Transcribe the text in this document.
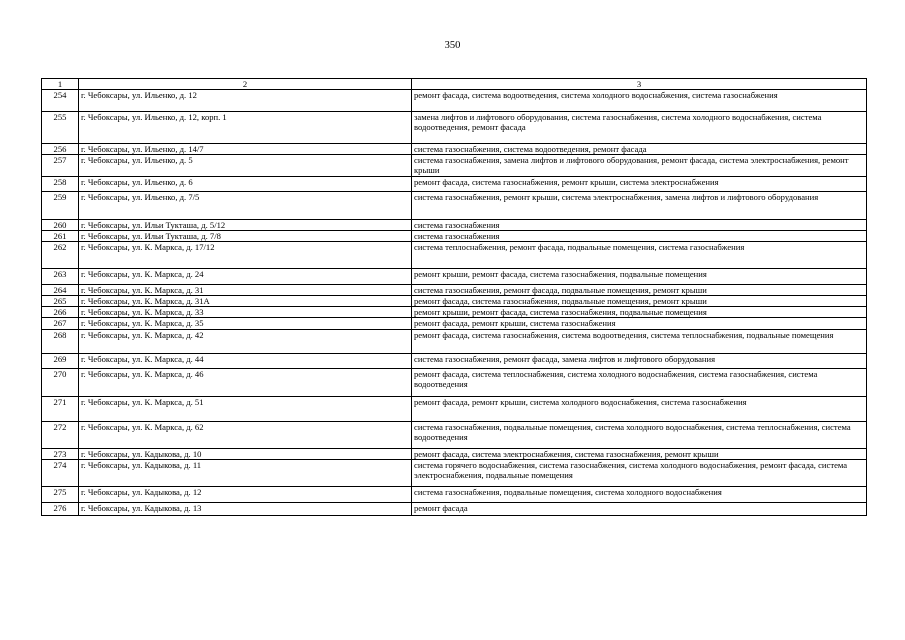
350
1	2	3
254	г. Чебоксары, ул. Ильенко, д. 12	ремонт фасада, система водоотведения, система холодного водоснабжения, система газоснабжения
255	г. Чебоксары, ул. Ильенко, д. 12, корп. 1	замена лифтов и лифтового оборудования, система газоснабжения, система холодного водоснабжения, система водоотведения, ремонт фасада
256	г. Чебоксары, ул. Ильенко, д. 14/7	система газоснабжения, система водоотведения, ремонт фасада
257	г. Чебоксары, ул. Ильенко, д. 5	система газоснабжения, замена лифтов и лифтового оборудования, ремонт фасада, система электроснабжения, ремонт крыши
258	г. Чебоксары, ул. Ильенко, д. 6	ремонт фасада, система газоснабжения, ремонт крыши, система электроснабжения
259	г. Чебоксары, ул. Ильенко, д. 7/5	система газоснабжения, ремонт крыши, система электроснабжения, замена лифтов и лифтового оборудования
260	г. Чебоксары, ул. Ильи Тукташа, д. 5/12	система газоснабжения
261	г. Чебоксары, ул. Ильи Тукташа, д. 7/8	система газоснабжения
262	г. Чебоксары, ул. К. Маркса, д. 17/12	система теплоснабжения, ремонт фасада, подвальные помещения, система газоснабжения
263	г. Чебоксары, ул. К. Маркса, д. 24	ремонт крыши, ремонт фасада, система газоснабжения, подвальные помещения
264	г. Чебоксары, ул. К. Маркса, д. 31	система газоснабжения, ремонт фасада, подвальные помещения, ремонт крыши
265	г. Чебоксары, ул. К. Маркса, д. 31А	ремонт фасада, система газоснабжения, подвальные помещения, ремонт крыши
266	г. Чебоксары, ул. К. Маркса, д. 33	ремонт крыши, ремонт фасада, система газоснабжения, подвальные помещения
267	г. Чебоксары, ул. К. Маркса, д. 35	ремонт фасада, ремонт крыши, система газоснабжения
268	г. Чебоксары, ул. К. Маркса, д. 42	ремонт фасада, система газоснабжения, система водоотведения, система теплоснабжения, подвальные помещения
269	г. Чебоксары, ул. К. Маркса, д. 44	система газоснабжения, ремонт фасада, замена лифтов и лифтового оборудования
270	г. Чебоксары, ул. К. Маркса, д. 46	ремонт фасада, система теплоснабжения, система холодного водоснабжения, система газоснабжения, система водоотведения
271	г. Чебоксары, ул. К. Маркса, д. 51	ремонт фасада, ремонт крыши, система холодного водоснабжения, система газоснабжения
272	г. Чебоксары, ул. К. Маркса, д. 62	система газоснабжения, подвальные помещения, система холодного водоснабжения, система теплоснабжения, система водоотведения
273	г. Чебоксары, ул. Кадыкова, д. 10	ремонт фасада, система электроснабжения, система газоснабжения, ремонт крыши
274	г. Чебоксары, ул. Кадыкова, д. 11	система горячего водоснабжения, система газоснабжения, система холодного водоснабжения, ремонт фасада, система электроснабжения, подвальные помещения
275	г. Чебоксары, ул. Кадыкова, д. 12	система газоснабжения, подвальные помещения, система холодного водоснабжения
276	г. Чебоксары, ул. Кадыкова, д. 13	ремонт фасада
